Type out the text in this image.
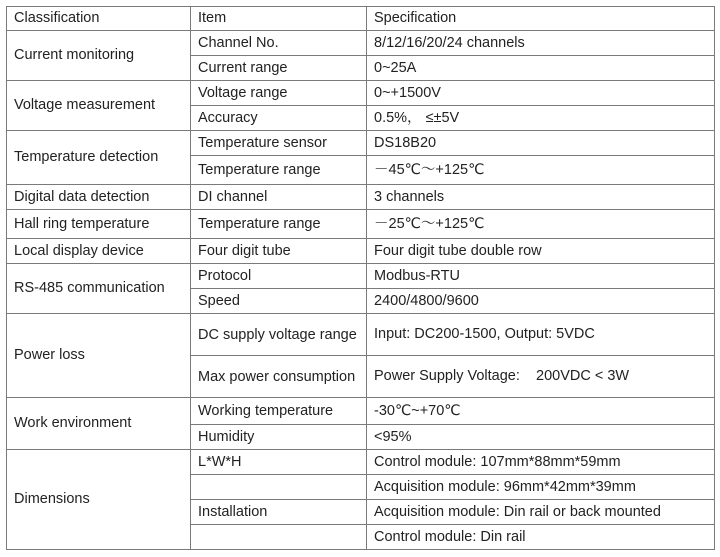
Classification	Item	Specification
Current monitoring	Channel No.	8/12/16/20/24 channels
	Current range	0~25A
Voltage measurement	Voltage range	0~+1500V
	Accuracy	0.5%， ≤±5V
Temperature detection	Temperature sensor	DS18B20
	Temperature range	－45℃～+125℃
Digital data detection	DI channel	3 channels
Hall ring temperature	Temperature range	－25℃～+125℃
Local display device	Four digit tube	Four digit tube double row
RS-485 communication	Protocol	Modbus-RTU
	Speed	2400/4800/9600
Power loss	DC supply voltage range	Input: DC200-1500, Output: 5VDC
	Max power consumption	Power Supply Voltage:    200VDC < 3W
Work environment	Working temperature	-30℃~+70℃
	Humidity	<95%
Dimensions	L*W*H	Control module: 107mm*88mm*59mm
		Acquisition module: 96mm*42mm*39mm
	Installation	Acquisition module: Din rail or back mounted
		Control module: Din rail
